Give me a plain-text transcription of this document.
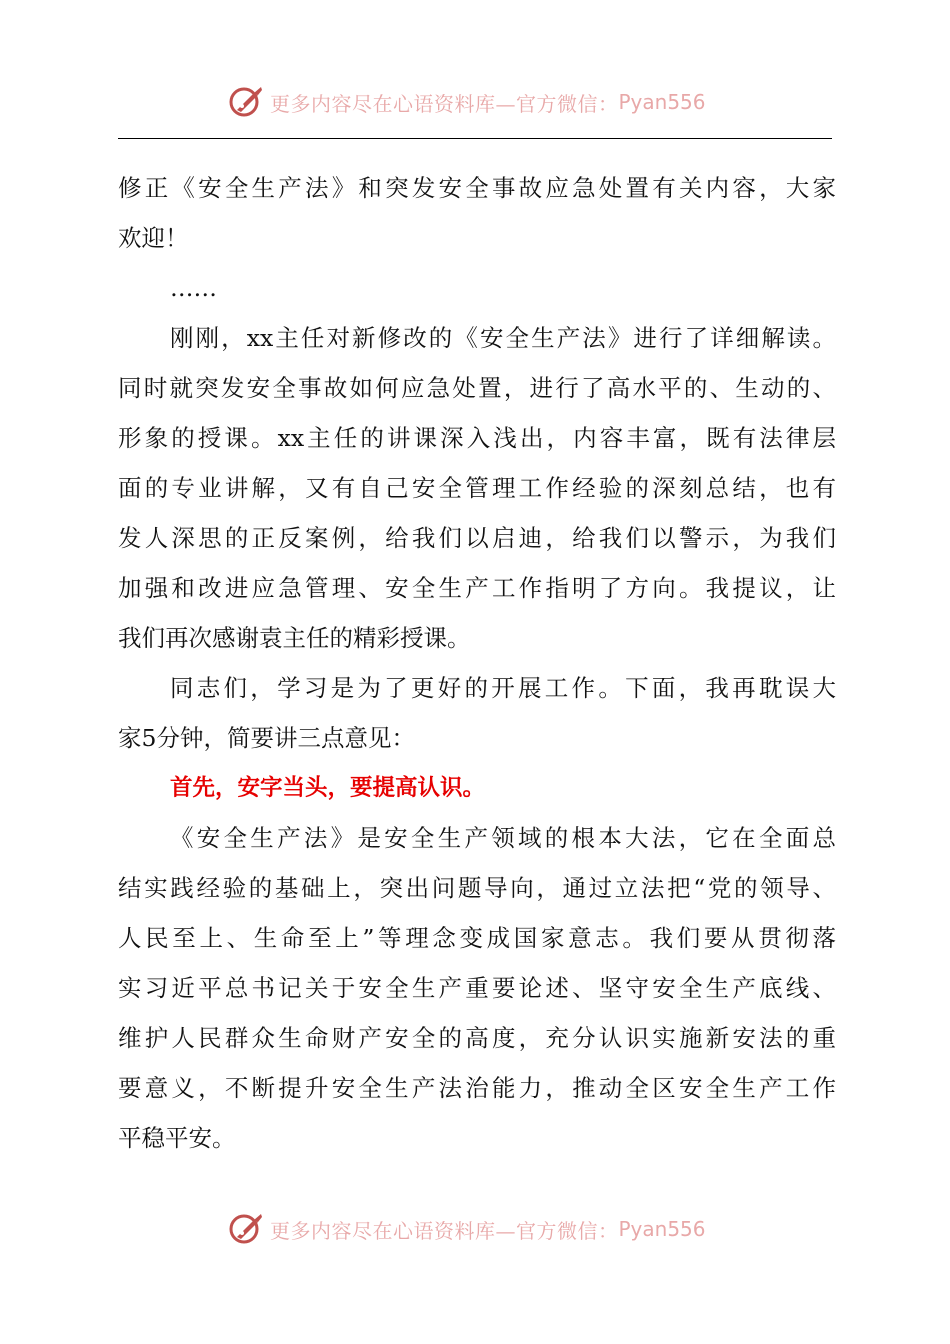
更多内容尽在心语资料库—官方微信： Pyan556
修正《安全生产法》和突发安全事故应急处置有关内容，大家
欢迎！
……
刚刚，xx主任对新修改的《安全生产法》进行了详细解读。
同时就突发安全事故如何应急处置，进行了高水平的、生动的、
形象的授课。xx主任的讲课深入浅出，内容丰富，既有法律层
面的专业讲解，又有自己安全管理工作经验的深刻总结，也有
发人深思的正反案例，给我们以启迪，给我们以警示，为我们
加强和改进应急管理、安全生产工作指明了方向。我提议，让
我们再次感谢袁主任的精彩授课。
同志们，学习是为了更好的开展工作。下面，我再耽误大
家5分钟，简要讲三点意见：
首先，安字当头，要提高认识。
《安全生产法》是安全生产领域的根本大法，它在全面总
结实践经验的基础上，突出问题导向，通过立法把“党的领导、
人民至上、生命至上”等理念变成国家意志。我们要从贯彻落
实习近平总书记关于安全生产重要论述、坚守安全生产底线、
维护人民群众生命财产安全的高度，充分认识实施新安法的重
要意义，不断提升安全生产法治能力，推动全区安全生产工作
平稳平安。
更多内容尽在心语资料库—官方微信： Pyan556
